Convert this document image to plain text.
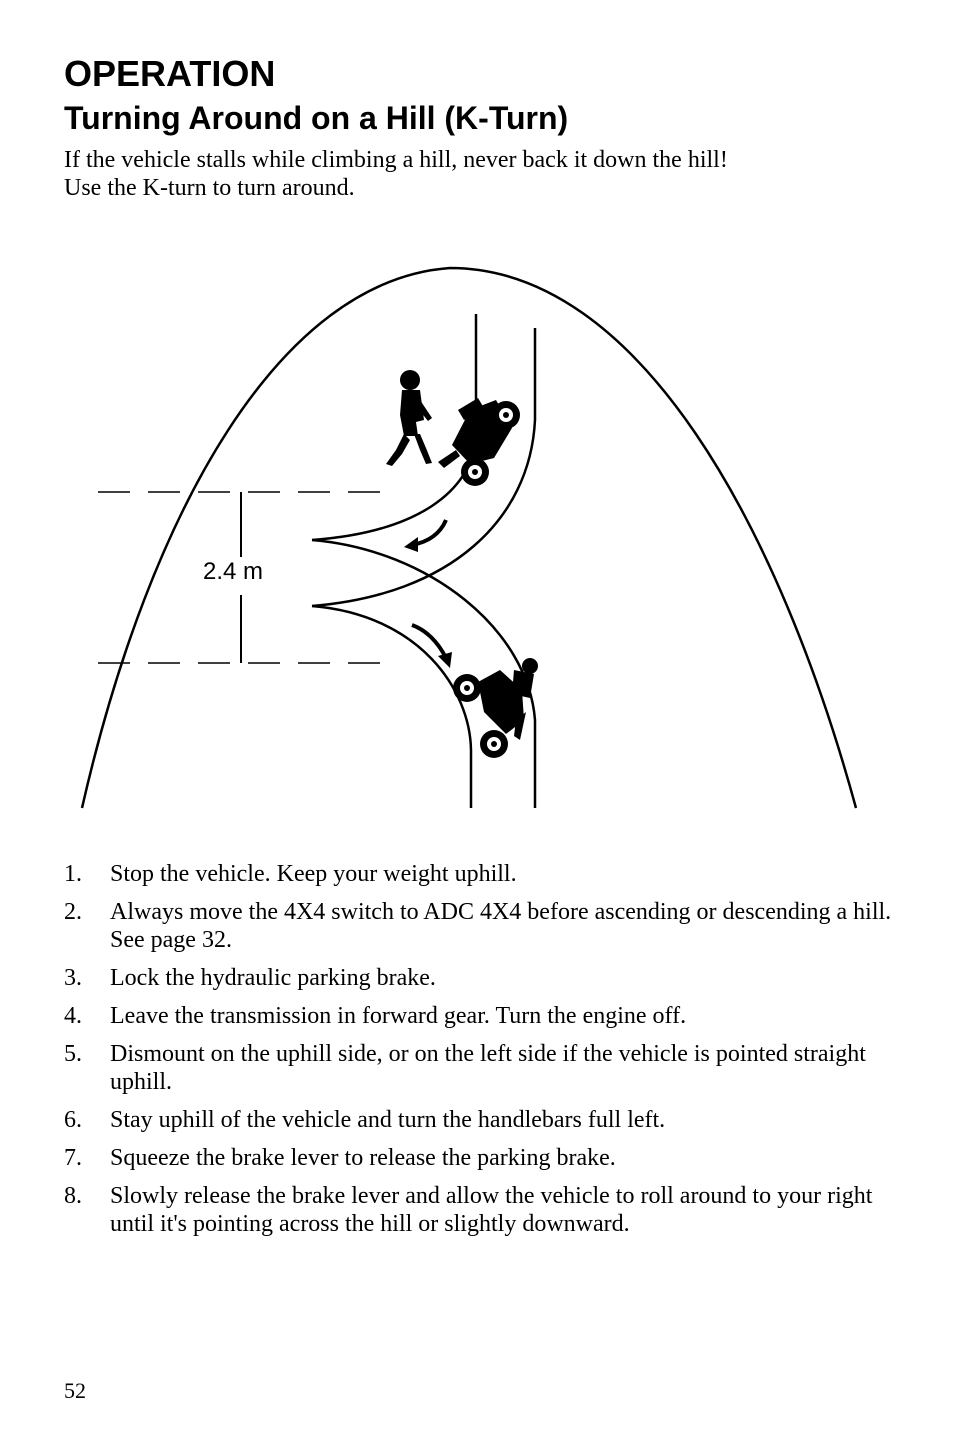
OPERATION
Turning Around on a Hill (K-Turn)

If the vehicle stalls while climbing a hill, never back it down the hill!
Use the K-turn to turn around.

2.4 m
1. Stop the vehicle. Keep your weight uphill.
2. Always move the 4X4 switch to ADC 4X4 before ascending or descending a hill. See page 32.
3. Lock the hydraulic parking brake.
4. Leave the transmission in forward gear. Turn the engine off.
5. Dismount on the uphill side, or on the left side if the vehicle is pointed straight uphill.
6. Stay uphill of the vehicle and turn the handlebars full left.
7. Squeeze the brake lever to release the parking brake.
8. Slowly release the brake lever and allow the vehicle to roll around to your right until it's pointing across the hill or slightly downward.

52
